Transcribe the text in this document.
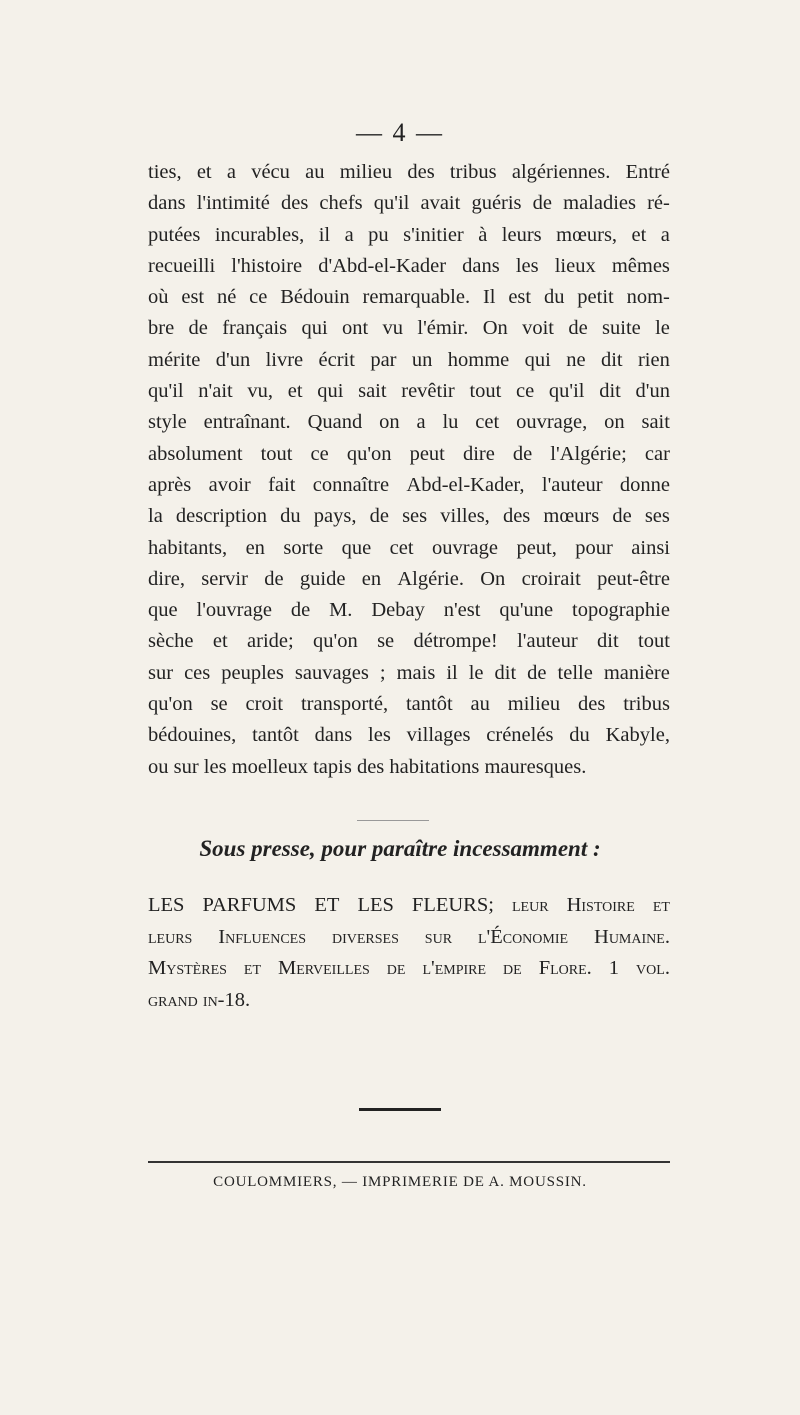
— 4 —
ties, et a vécu au milieu des tribus algériennes. Entré
dans l'intimité des chefs qu'il avait guéris de maladies ré-
putées incurables, il a pu s'initier à leurs mœurs, et a
recueilli l'histoire d'Abd-el-Kader dans les lieux mêmes
où est né ce Bédouin remarquable. Il est du petit nom-
bre de français qui ont vu l'émir. On voit de suite le
mérite d'un livre écrit par un homme qui ne dit rien
qu'il n'ait vu, et qui sait revêtir tout ce qu'il dit d'un
style entraînant. Quand on a lu cet ouvrage, on sait
absolument tout ce qu'on peut dire de l'Algérie; car
après avoir fait connaître Abd-el-Kader, l'auteur donne
la description du pays, de ses villes, des mœurs de ses
habitants, en sorte que cet ouvrage peut, pour ainsi
dire, servir de guide en Algérie. On croirait peut-être
que l'ouvrage de M. Debay n'est qu'une topographie
sèche et aride; qu'on se détrompe! l'auteur dit tout
sur ces peuples sauvages ; mais il le dit de telle manière
qu'on se croit transporté, tantôt au milieu des tribus
bédouines, tantôt dans les villages crénelés du Kabyle,
ou sur les moelleux tapis des habitations mauresques.
Sous presse, pour paraître incessamment :
LES PARFUMS ET LES FLEURS; leur Histoire et
leurs Influences diverses sur l'Économie Humaine.
Mystères et Merveilles de l'empire de Flore. 1 vol.
grand in-18.
COULOMMIERS, — IMPRIMERIE DE A. MOUSSIN.
